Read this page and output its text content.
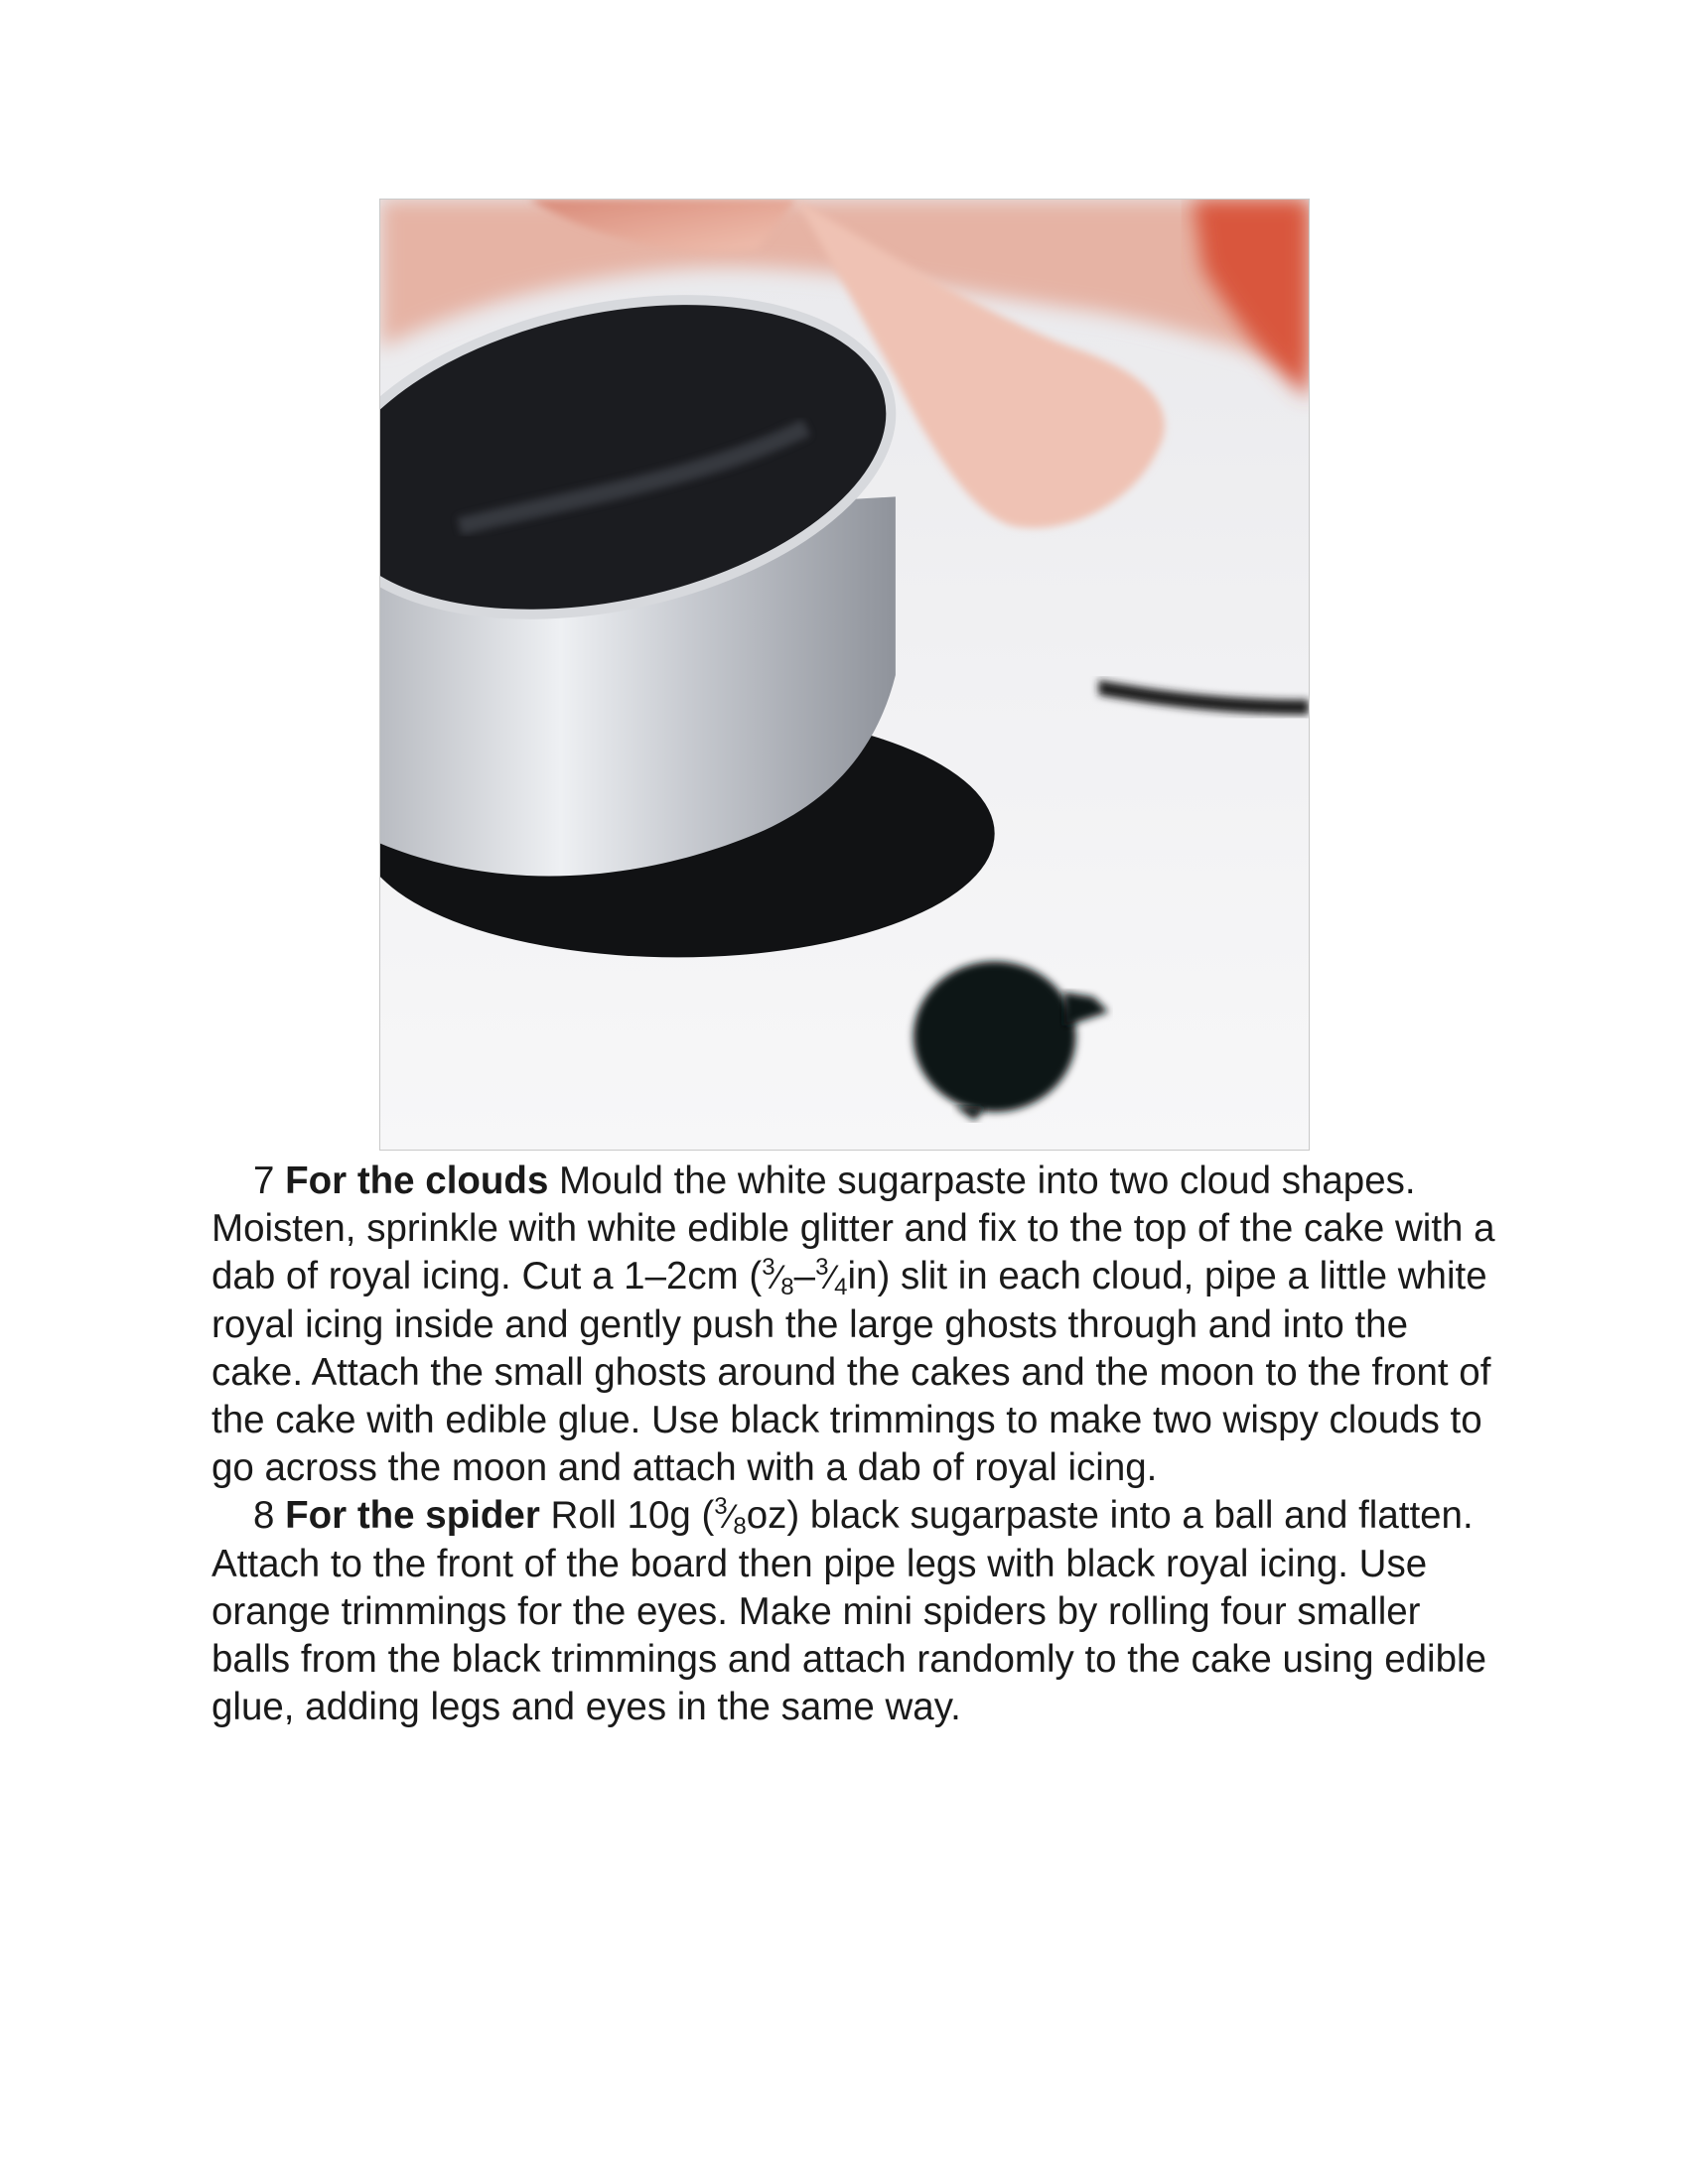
7 For the clouds Mould the white sugarpaste into two cloud shapes. Moisten, sprinkle with white edible glitter and fix to the top of the cake with a dab of royal icing. Cut a 1–2cm $(^3⁄_8-^3⁄_4in)$ slit in each cloud, pipe a little white royal icing inside and gently push the large ghosts through and into the cake. Attach the small ghosts around the cakes and the moon to the front of the cake with edible glue. Use black trimmings to make two wispy clouds to go across the moon and attach with a dab of royal icing.

8 For the spider Roll 10g $(^3⁄_8oz)$ black sugarpaste into a ball and flatten. Attach to the front of the board then pipe legs with black royal icing. Use orange trimmings for the eyes. Make mini spiders by rolling four smaller balls from the black trimmings and attach randomly to the cake using edible glue, adding legs and eyes in the same way.
